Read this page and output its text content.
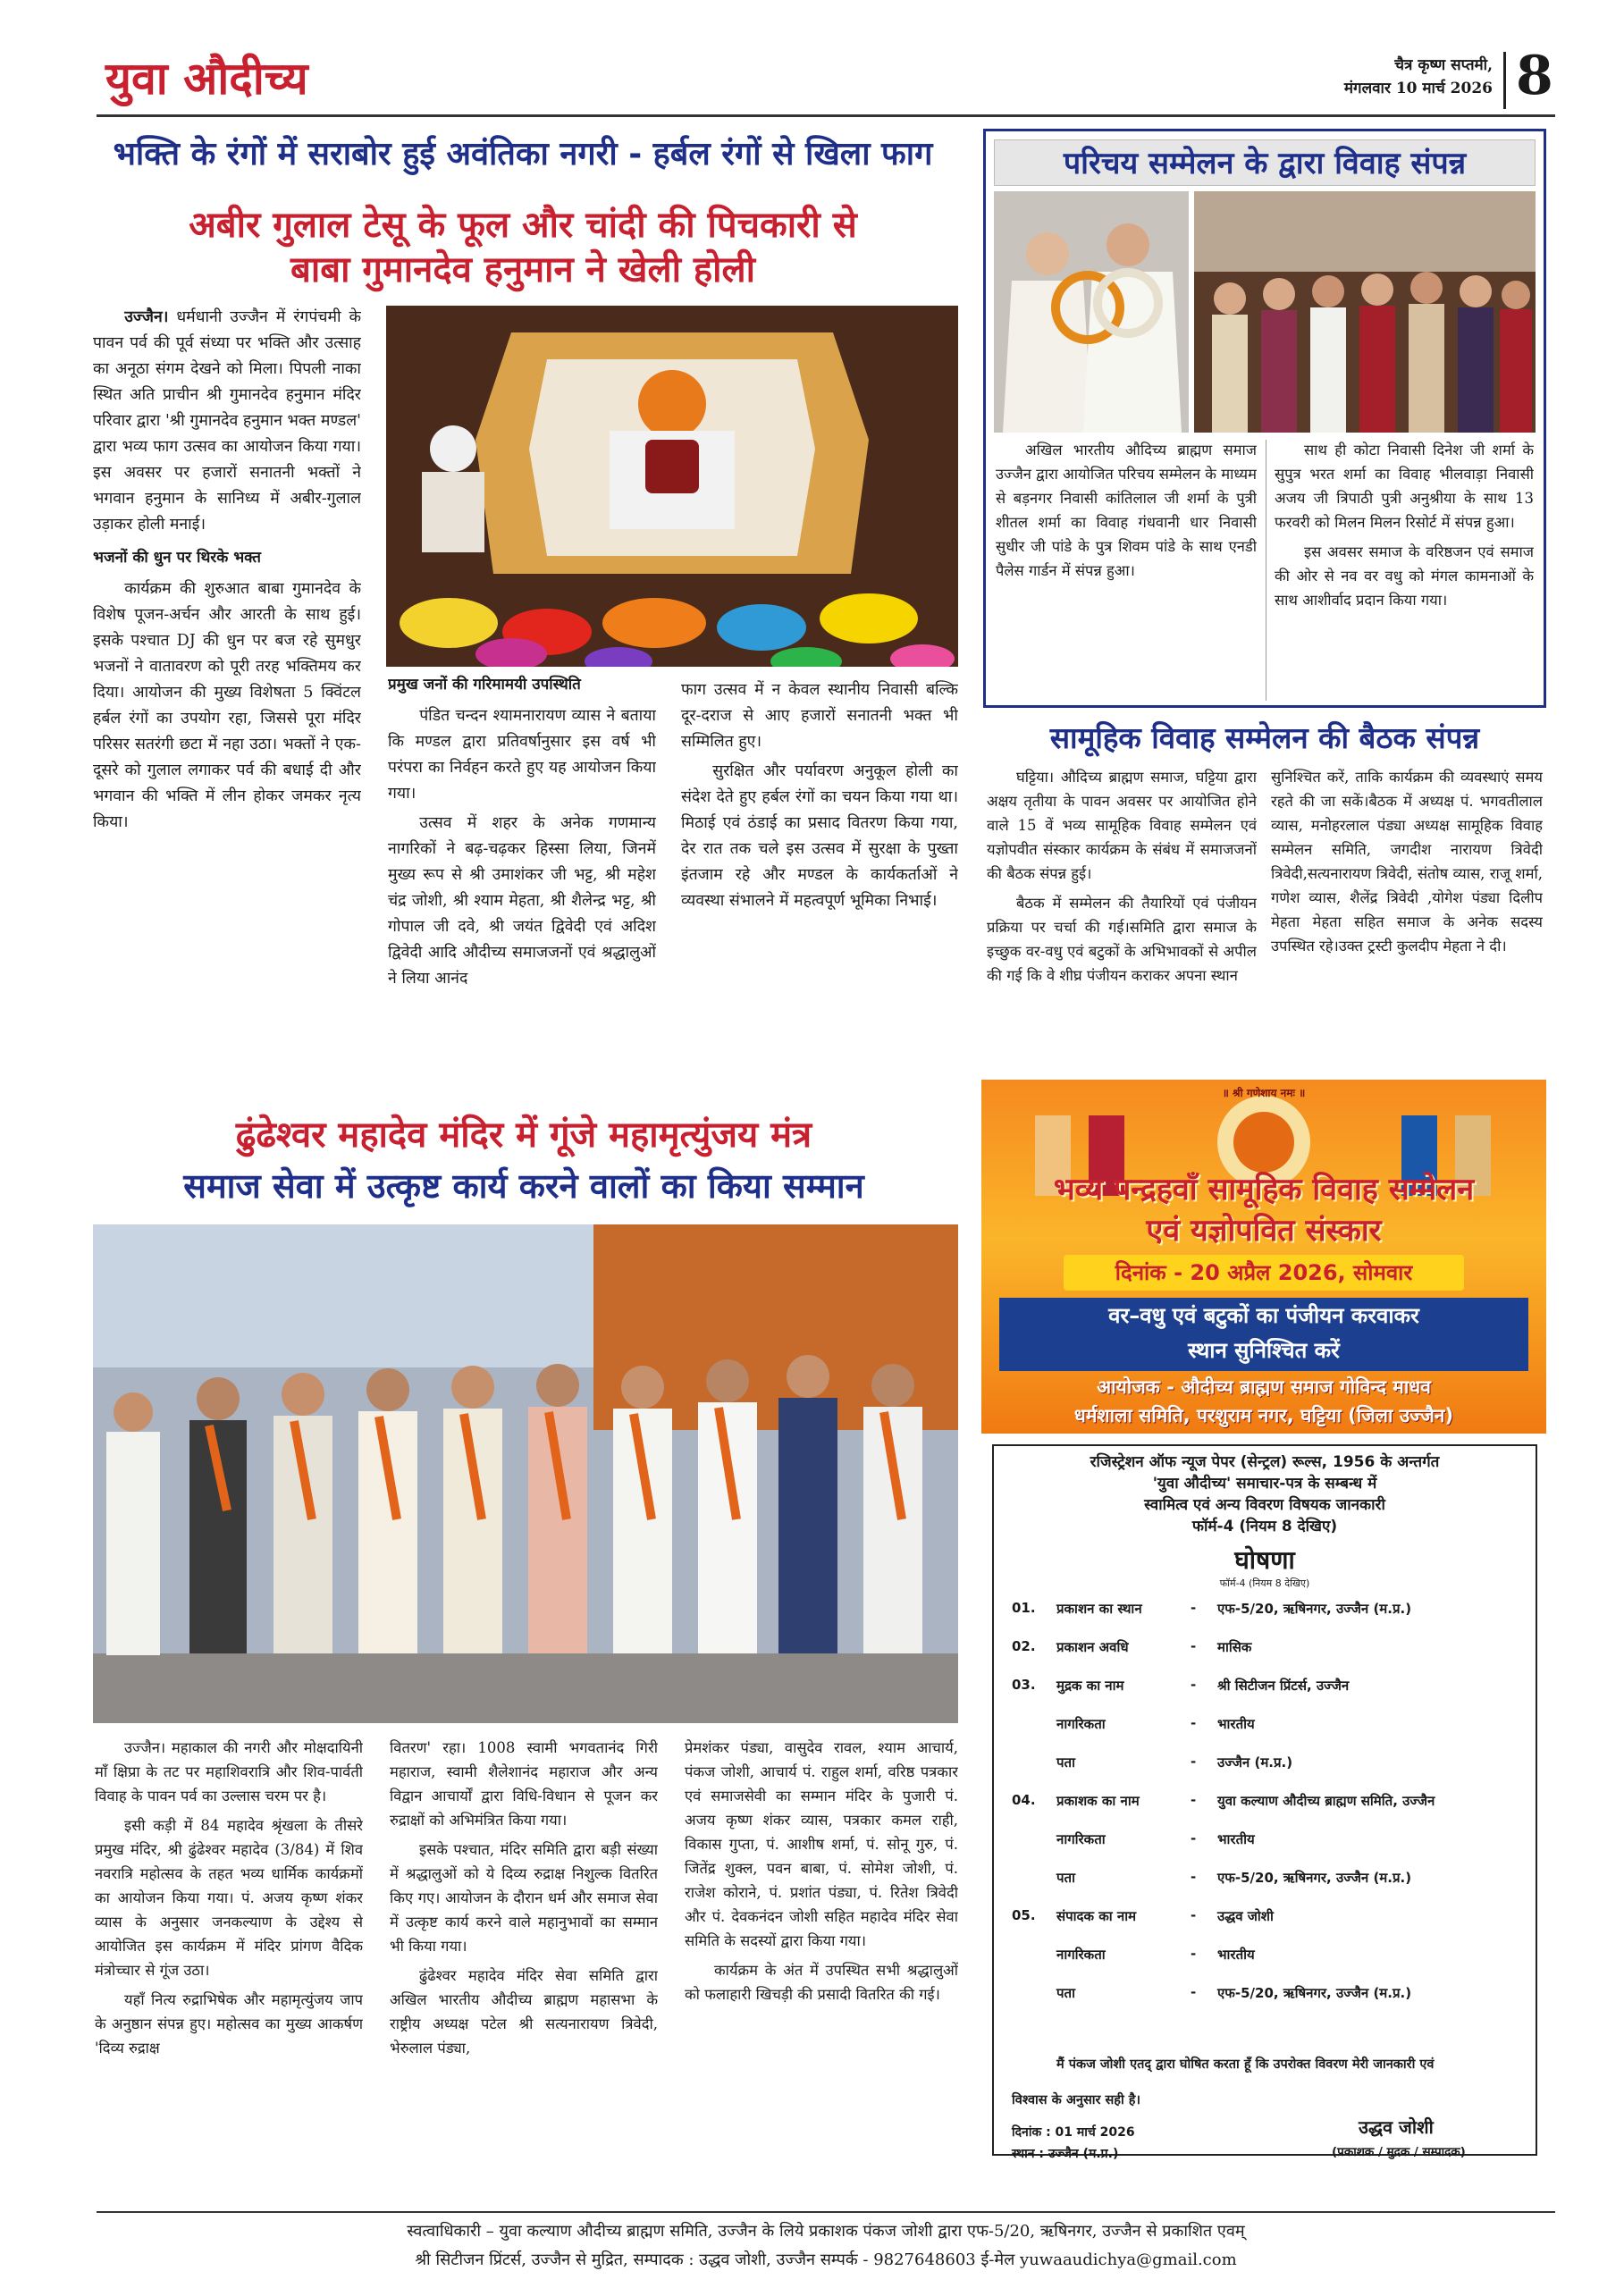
युवा औदीच्य	चैत्र कृष्ण सप्तमी,
मंगलवार 10 मार्च 2026 8
भक्ति के रंगों में सराबोर हुई अवंतिका नगरी - हर्बल रंगों से खिला फाग
अबीर गुलाल टेसू के फूल और चांदी की पिचकारी से
बाबा गुमानदेव हनुमान ने खेली होली

उज्जैन। धर्मधानी उज्जैन में रंगपंचमी के पावन पर्व की पूर्व संध्या पर भक्ति और उत्साह का अनूठा संगम देखने को मिला। पिपली नाका स्थित अति प्राचीन श्री गुमानदेव हनुमान मंदिर परिवार द्वारा 'श्री गुमानदेव हनुमान भक्त मण्डल' द्वारा भव्य फाग उत्सव का आयोजन किया गया। इस अवसर पर हजारों सनातनी भक्तों ने भगवान हनुमान के सानिध्य में अबीर-गुलाल उड़ाकर होली मनाई।

भजनों की धुन पर थिरके भक्त

कार्यक्रम की शुरुआत बाबा गुमानदेव के विशेष पूजन-अर्चन और आरती के साथ हुई। इसके पश्चात DJ की धुन पर बज रहे सुमधुर भजनों ने वातावरण को पूरी तरह भक्तिमय कर दिया। आयोजन की मुख्य विशेषता 5 क्विंटल हर्बल रंगों का उपयोग रहा, जिससे पूरा मंदिर परिसर सतरंगी छटा में नहा उठा। भक्तों ने एक-दूसरे को गुलाल लगाकर पर्व की बधाई दी और भगवान की भक्ति में लीन होकर जमकर नृत्य किया।

प्रमुख जनों की गरिमामयी उपस्थिति

पंडित चन्दन श्यामनारायण व्यास ने बताया कि मण्डल द्वारा प्रतिवर्षानुसार इस वर्ष भी परंपरा का निर्वहन करते हुए यह आयोजन किया गया।

उत्सव में शहर के अनेक गणमान्य नागरिकों ने बढ़-चढ़कर हिस्सा लिया, जिनमें मुख्य रूप से श्री उमाशंकर जी भट्ट, श्री महेश चंद्र जोशी, श्री श्याम मेहता, श्री शैलेन्द्र भट्ट, श्री गोपाल जी दवे, श्री जयंत द्विवेदी एवं अदिश द्विवेदी आदि औदीच्य समाजजनों एवं श्रद्धालुओं ने लिया आनंद

फाग उत्सव में न केवल स्थानीय निवासी बल्कि दूर-दराज से आए हजारों सनातनी भक्त भी सम्मिलित हुए।

सुरक्षित और पर्यावरण अनुकूल होली का संदेश देते हुए हर्बल रंगों का चयन किया गया था। मिठाई एवं ठंडाई का प्रसाद वितरण किया गया, देर रात तक चले इस उत्सव में सुरक्षा के पुख्ता इंतजाम रहे और मण्डल के कार्यकर्ताओं ने व्यवस्था संभालने में महत्वपूर्ण भूमिका निभाई।

परिचय सम्मेलन के द्वारा विवाह संपन्न

अखिल भारतीय औदिच्य ब्राह्मण समाज उज्जैन द्वारा आयोजित परिचय सम्मेलन के माध्यम से बड़नगर निवासी कांतिलाल जी शर्मा के पुत्री शीतल शर्मा का विवाह गंधवानी धार निवासी सुधीर जी पांडे के पुत्र शिवम पांडे के साथ एनडी पैलेस गार्डन में संपन्न हुआ।

साथ ही कोटा निवासी दिनेश जी शर्मा के सुपुत्र भरत शर्मा का विवाह भीलवाड़ा निवासी अजय जी त्रिपाठी पुत्री अनुश्रीया के साथ 13 फरवरी को मिलन मिलन रिसोर्ट में संपन्न हुआ।

इस अवसर समाज के वरिष्ठजन एवं समाज की ओर से नव वर वधु को मंगल कामनाओं के साथ आशीर्वाद प्रदान किया गया।

सामूहिक विवाह सम्मेलन की बैठक संपन्न

घट्टिया। औदिच्य ब्राह्मण समाज, घट्टिया द्वारा अक्षय तृतीया के पावन अवसर पर आयोजित होने वाले 15 वें भव्य सामूहिक विवाह सम्मेलन एवं यज्ञोपवीत संस्कार कार्यक्रम के संबंध में समाजजनों की बैठक संपन्न हुई।

बैठक में सम्मेलन की तैयारियों एवं पंजीयन प्रक्रिया पर चर्चा की गई।समिति द्वारा समाज के इच्छुक वर-वधु एवं बटुकों के अभिभावकों से अपील की गई कि वे शीघ्र पंजीयन कराकर अपना स्थान

सुनिश्चित करें, ताकि कार्यक्रम की व्यवस्थाएं समय रहते की जा सकें।बैठक में अध्यक्ष पं. भगवतीलाल व्यास, मनोहरलाल पंड्या अध्यक्ष सामूहिक विवाह सम्मेलन समिति, जगदीश नारायण त्रिवेदी त्रिवेदी,सत्यनारायण त्रिवेदी, संतोष व्यास, राजू शर्मा, गणेश व्यास, शैलेंद्र त्रिवेदी ,योगेश पंड्या दिलीप मेहता मेहता सहित समाज के अनेक सदस्य उपस्थित रहे।उक्त ट्रस्टी कुलदीप मेहता ने दी।

॥ श्री गणेशाय नमः ॥
भव्य पन्द्रहवाँ सामूहिक विवाह सम्मेलन
एवं यज्ञोपवित संस्कार
दिनांक - 20 अप्रैल 2026, सोमवार
वर–वधु एवं बटुकों का पंजीयन करवाकर
स्थान सुनिश्चित करें
आयोजक - औदीच्य ब्राह्मण समाज गोविन्द माधव
धर्मशाला समिति, परशुराम नगर, घट्टिया (जिला उज्जैन)
ढुंढेश्वर महादेव मंदिर में गूंजे महामृत्युंजय मंत्र
समाज सेवा में उत्कृष्ट कार्य करने वालों का किया सम्मान

उज्जैन। महाकाल की नगरी और मोक्षदायिनी माँ क्षिप्रा के तट पर महाशिवरात्रि और शिव-पार्वती विवाह के पावन पर्व का उल्लास चरम पर है।

इसी कड़ी में 84 महादेव श्रृंखला के तीसरे प्रमुख मंदिर, श्री ढुंढेश्वर महादेव (3/84) में शिव नवरात्रि महोत्सव के तहत भव्य धार्मिक कार्यक्रमों का आयोजन किया गया। पं. अजय कृष्ण शंकर व्यास के अनुसार जनकल्याण के उद्देश्य से आयोजित इस कार्यक्रम में मंदिर प्रांगण वैदिक मंत्रोच्चार से गूंज उठा।

यहाँ नित्य रुद्राभिषेक और महामृत्युंजय जाप के अनुष्ठान संपन्न हुए। महोत्सव का मुख्य आकर्षण 'दिव्य रुद्राक्ष

वितरण' रहा। 1008 स्वामी भगवतानंद गिरी महाराज, स्वामी शैलेशानंद महाराज और अन्य विद्वान आचार्यों द्वारा विधि-विधान से पूजन कर रुद्राक्षों को अभिमंत्रित किया गया।

इसके पश्चात, मंदिर समिति द्वारा बड़ी संख्या में श्रद्धालुओं को ये दिव्य रुद्राक्ष निशुल्क वितरित किए गए। आयोजन के दौरान धर्म और समाज सेवा में उत्कृष्ट कार्य करने वाले महानुभावों का सम्मान भी किया गया।

ढुंढेश्वर महादेव मंदिर सेवा समिति द्वारा अखिल भारतीय औदीच्य ब्राह्मण महासभा के राष्ट्रीय अध्यक्ष पटेल श्री सत्यनारायण त्रिवेदी, भेरुलाल पंड्या,

प्रेमशंकर पंड्या, वासुदेव रावल, श्याम आचार्य, पंकज जोशी, आचार्य पं. राहुल शर्मा, वरिष्ठ पत्रकार एवं समाजसेवी का सम्मान मंदिर के पुजारी पं. अजय कृष्ण शंकर व्यास, पत्रकार कमल राही, विकास गुप्ता, पं. आशीष शर्मा, पं. सोनू गुरु, पं. जितेंद्र शुक्ल, पवन बाबा, पं. सोमेश जोशी, पं. राजेश कोराने, पं. प्रशांत पंड्या, पं. रितेश त्रिवेदी और पं. देवकनंदन जोशी सहित महादेव मंदिर सेवा समिति के सदस्यों द्वारा किया गया।

कार्यक्रम के अंत में उपस्थित सभी श्रद्धालुओं को फलाहारी खिचड़ी की प्रसादी वितरित की गई।

रजिस्ट्रेशन ऑफ न्यूज पेपर (सेन्ट्रल) रूल्स, 1956 के अन्तर्गत
'युवा औदीच्य' समाचार-पत्र के सम्बन्ध में
स्वामित्व एवं अन्य विवरण विषयक जानकारी
फॉर्म-4 (नियम 8 देखिए)
घोषणा
फॉर्म-4 (नियम 8 देखिए)
01. प्रकाशन का स्थान	- एफ-5/20, ऋषिनगर, उज्जैन (म.प्र.)
02. प्रकाशन अवधि	- मासिक
03. मुद्रक का नाम	- श्री सिटीजन प्रिंटर्स, उज्जैन
नागरिकता	- भारतीय
पता	- उज्जैन (म.प्र.)
04. प्रकाशक का नाम	- युवा कल्याण औदीच्य ब्राह्मण समिति, उज्जैन
नागरिकता	- भारतीय
पता	- एफ-5/20, ऋषिनगर, उज्जैन (म.प्र.)
05. संपादक का नाम	- उद्धव जोशी
नागरिकता	- भारतीय
पता	- एफ-5/20, ऋषिनगर, उज्जैन (म.प्र.)
मैं पंकज जोशी एतद् द्वारा घोषित करता हूँ कि उपरोक्त विवरण मेरी जानकारी एवं
विश्वास के अनुसार सही है।
दिनांक : 01 मार्च 2026
स्थान : उज्जैन (म.प्र.)
उद्धव जोशी
(प्रकाशक / मुद्रक / सम्पादक)
स्वत्वाधिकारी – युवा कल्याण औदीच्य ब्राह्मण समिति, उज्जैन के लिये प्रकाशक पंकज जोशी द्वारा एफ-5/20, ऋषिनगर, उज्जैन से प्रकाशित एवम्
श्री सिटीजन प्रिंटर्स, उज्जैन से मुद्रित, सम्पादक : उद्धव जोशी, उज्जैन सम्पर्क - 9827648603 ई-मेल yuwaaudichya@gmail.com
